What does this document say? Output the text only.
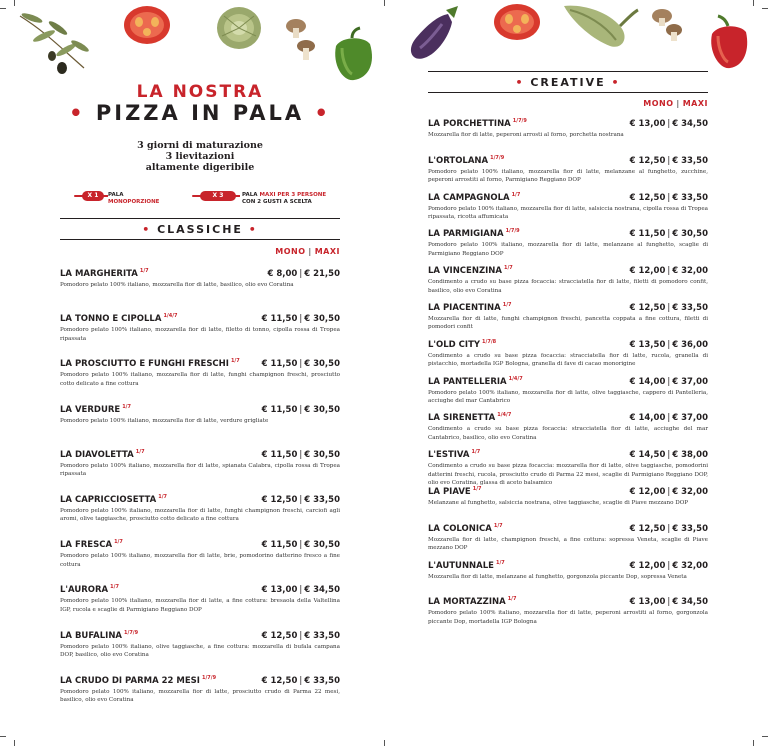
LA NOSTRA
• PIZZA IN PALA •
3 giorni di maturazione
3 lievitazioni
altamente digeribile
X 1	PALA
MONOPORZIONE
X 3	PALA MAXI PER 3 PERSONE
CON 2 GUSTI A SCELTA
• CLASSICHE •
MONO | MAXI
LA MARGHERITA $^{1/7}$	€ 8,00 | € 21,50
Pomodoro pelato 100% italiano, mozzarella fior di latte, basilico, olio evo Coratina
LA TONNO E CIPOLLA $^{1/4/7}$	€ 11,50 | € 30,50
Pomodoro pelato 100% italiano, mozzarella fior di latte, filetto di tonno, cipolla rossa di Tropea ripassata
LA PROSCIUTTO E FUNGHI FRESCHI $^{1/7}$	€ 11,50 | € 30,50
Pomodoro pelato 100% italiano, mozzarella fior di latte, funghi champignon freschi, prosciutto cotto delicato a fine cottura
LA VERDURE $^{1/7}$	€ 11,50 | € 30,50
Pomodoro pelato 100% italiano, mozzarella fior di latte, verdure grigliate
LA DIAVOLETTA $^{1/7}$	€ 11,50 | € 30,50
Pomodoro pelato 100% italiano, mozzarella fior di latte, spianata Calabra, cipolla rossa di Tropea ripassata
LA CAPRICCIOSETTA $^{1/7}$	€ 12,50 | € 33,50
Pomodoro pelato 100% italiano, mozzarella fior di latte, funghi champignon freschi, carciofi agli aromi, olive taggiasche, prosciutto cotto delicato a fine cottura
LA FRESCA $^{1/7}$	€ 11,50 | € 30,50
Pomodoro pelato 100% italiano, mozzarella fior di latte, brie, pomodorino datterino fresco a fine cottura
L'AURORA $^{1/7}$	€ 13,00 | € 34,50
Pomodoro pelato 100% italiano, mozzarella fior di latte, a fine cottura: bresaola della Valtellina IGP, rucola e scaglie di Parmigiano Reggiano DOP
LA BUFALINA $^{1/7/9}$	€ 12,50 | € 33,50
Pomodoro pelato 100% italiano, olive taggiasche, a fine cottura: mozzarella di bufala campana DOP, basilico, olio evo Coratina
LA CRUDO DI PARMA 22 MESI $^{1/7/9}$	€ 12,50 | € 33,50
Pomodoro pelato 100% italiano, mozzarella fior di latte, prosciutto crudo di Parma 22 mesi, basilico, olio evo Coratina
• CREATIVE •
MONO | MAXI
LA PORCHETTINA $^{1/7/9}$	€ 13,00 | € 34,50
Mozzarella fior di latte, peperoni arrosti al forno, porchetta nostrana
L'ORTOLANA $^{1/7/9}$	€ 12,50 | € 33,50
Pomodoro pelato 100% italiano, mozzarella fior di latte, melanzane al funghetto, zucchine, peperoni arrostiti al forno, Parmigiano Reggiano DOP
LA CAMPAGNOLA $^{1/7}$	€ 12,50 | € 33,50
Pomodoro pelato 100% italiano, mozzarella fior di latte, salsiccia nostrana, cipolla rossa di Tropea ripassata, ricotta affumicata
LA PARMIGIANA $^{1/7/9}$	€ 11,50 | € 30,50
Pomodoro pelato 100% italiano, mozzarella fior di latte, melanzane al funghetto, scaglie di Parmigiano Reggiano DOP
LA VINCENZINA $^{1/7}$	€ 12,00 | € 32,00
Condimento a crudo su base pizza focaccia: stracciatella fior di latte, filetti di pomodoro confit, basilico, olio evo Coratina
LA PIACENTINA $^{1/7}$	€ 12,50 | € 33,50
Mozzarella fior di latte, funghi champignon freschi, pancetta coppata a fine cottura, filetti di pomodori confit
L'OLD CITY $^{1/7/8}$	€ 13,50 | € 36,00
Condimento a crudo su base pizza focaccia: stracciatella fior di latte, rucola, granella di pistacchio, mortadella IGP Bologna, granella di fave di cacao monorigine
LA PANTELLERIA $^{1/4/7}$	€ 14,00 | € 37,00
Pomodoro pelato 100% italiano, mozzarella fior di latte, olive taggiasche, cappero di Pantelleria, acciughe del mar Cantabrico
LA SIRENETTA $^{1/4/7}$	€ 14,00 | € 37,00
Condimento a crudo su base pizza focaccia: stracciatella fior di latte, acciughe del mar Cantabrico, basilico, olio evo Coratina
L'ESTIVA $^{1/7}$	€ 14,50 | € 38,00
Condimento a crudo su base pizza focaccia: mozzarella fior di latte, olive taggiasche, pomodorini datterini freschi, rucola, prosciutto crudo di Parma 22 mesi, scaglie di Parmigiano Reggiano DOP, olio evo Coratina, glassa di aceto balsamico
LA PIAVE $^{1/7}$	€ 12,00 | € 32,00
Melanzane al funghetto, salsiccia nostrana, olive taggiasche, scaglie di Piave mezzano DOP
LA COLONICA $^{1/7}$	€ 12,50 | € 33,50
Mozzarella fior di latte, champignon freschi, a fine cottura: sopressa Veneta, scaglie di Piave mezzano DOP
L'AUTUNNALE $^{1/7}$	€ 12,00 | € 32,00
Mozzarella fior di latte, melanzane al funghetto, gorgonzola piccante Dop, sopressa Veneta
LA MORTAZZINA $^{1/7}$	€ 13,00 | € 34,50
Pomodoro pelato 100% italiano, mozzarella fior di latte, peperoni arrostiti al forno, gorgonzola piccante Dop, mortadella IGP Bologna
